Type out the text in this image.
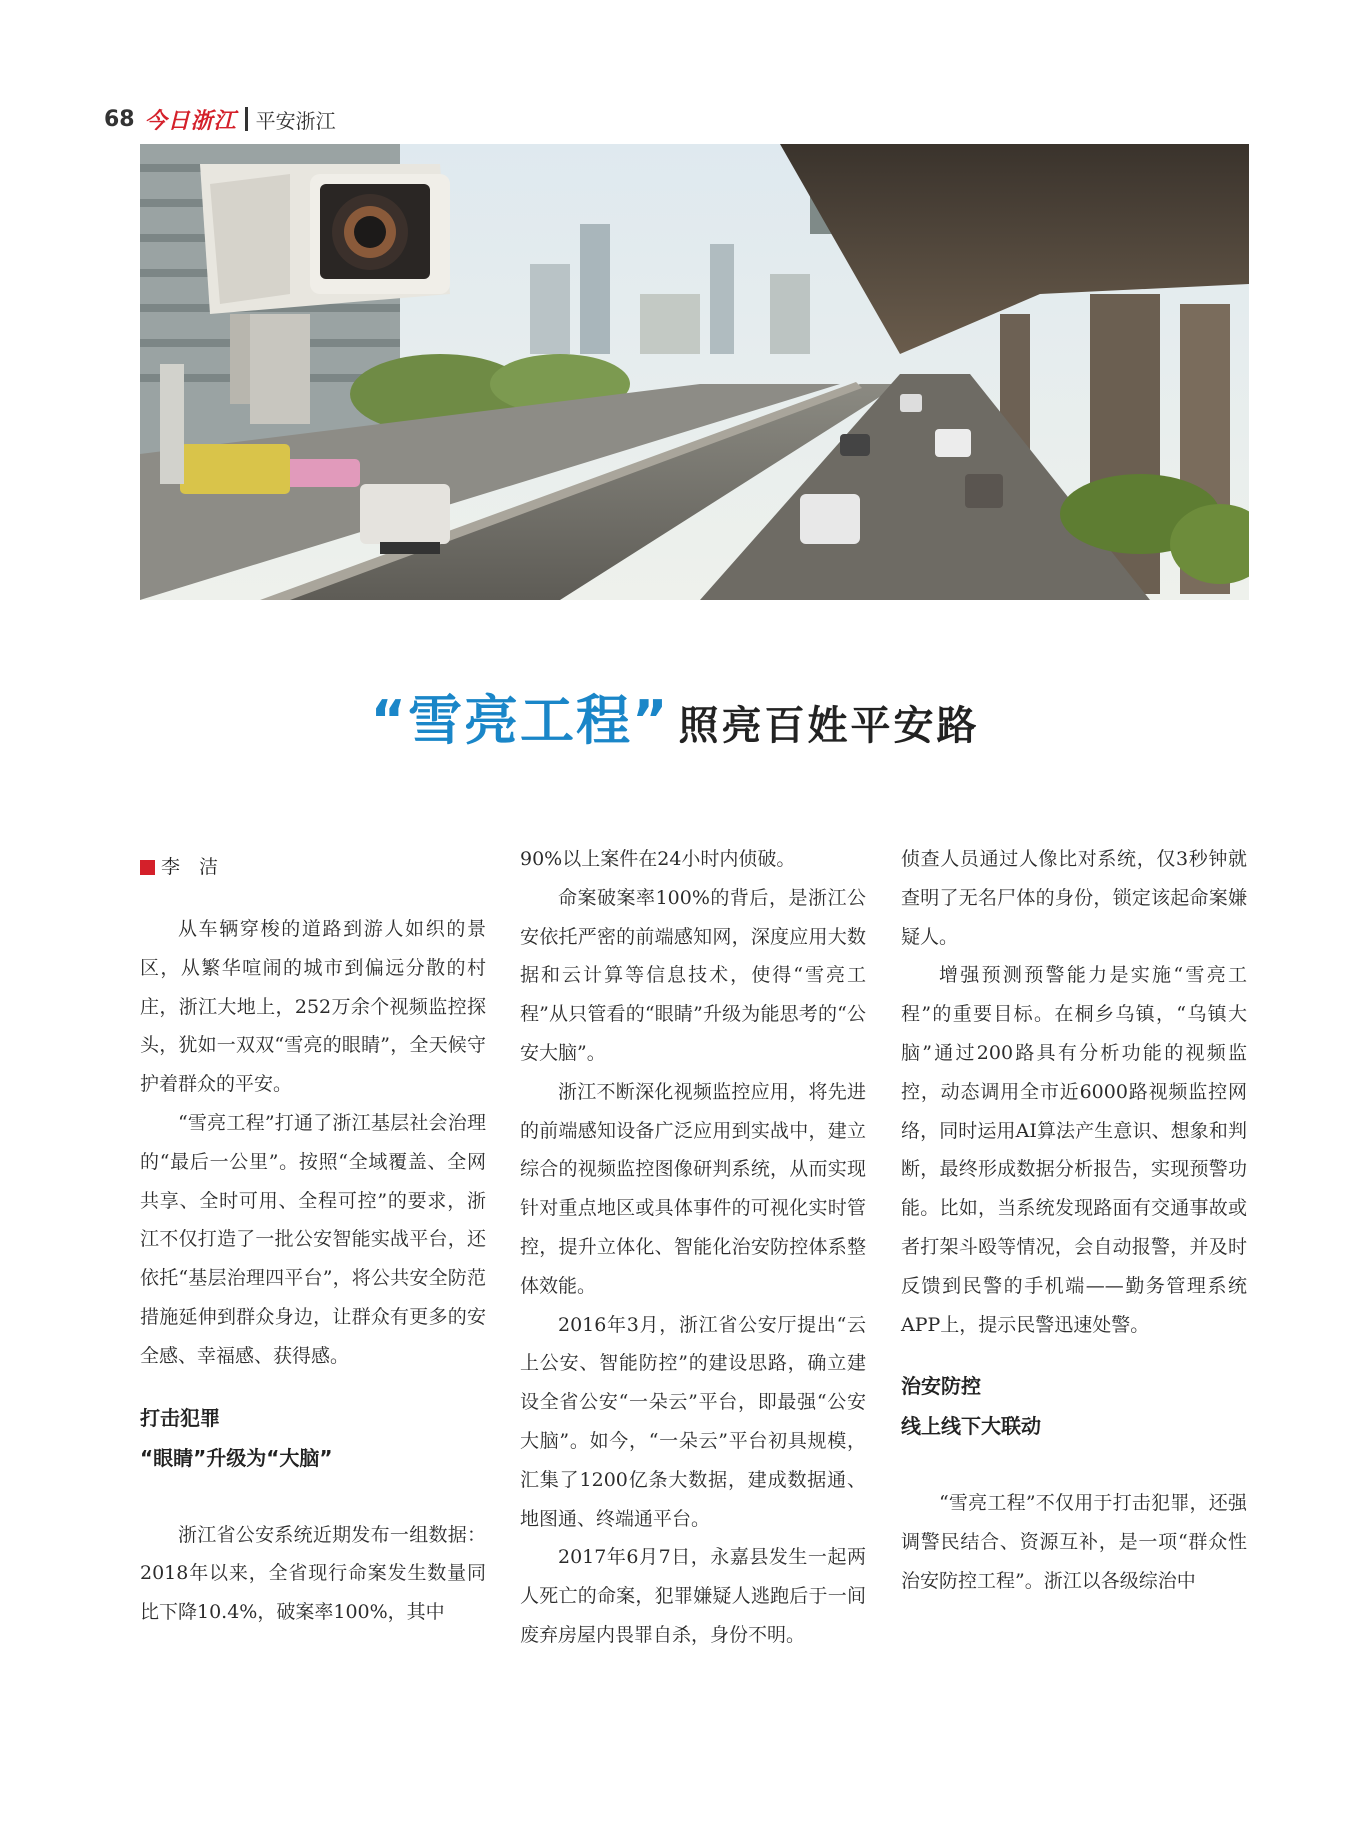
68 今日浙江 平安浙江
“雪亮工程” 照亮百姓平安路
李　洁

从车辆穿梭的道路到游人如织的景区，从繁华喧闹的城市到偏远分散的村庄，浙江大地上，252万余个视频监控探头，犹如一双双“雪亮的眼睛”，全天候守护着群众的平安。

“雪亮工程”打通了浙江基层社会治理的“最后一公里”。按照“全域覆盖、全网共享、全时可用、全程可控”的要求，浙江不仅打造了一批公安智能实战平台，还依托“基层治理四平台”，将公共安全防范措施延伸到群众身边，让群众有更多的安全感、幸福感、获得感。

打击犯罪
“眼睛”升级为“大脑”

浙江省公安系统近期发布一组数据：2018年以来，全省现行命案发生数量同比下降10.4%，破案率100%，其中

90%以上案件在24小时内侦破。

命案破案率100%的背后，是浙江公安依托严密的前端感知网，深度应用大数据和云计算等信息技术，使得“雪亮工程”从只管看的“眼睛”升级为能思考的“公安大脑”。

浙江不断深化视频监控应用，将先进的前端感知设备广泛应用到实战中，建立综合的视频监控图像研判系统，从而实现针对重点地区或具体事件的可视化实时管控，提升立体化、智能化治安防控体系整体效能。

2016年3月，浙江省公安厅提出“云上公安、智能防控”的建设思路，确立建设全省公安“一朵云”平台，即最强“公安大脑”。如今，“一朵云”平台初具规模，汇集了1200亿条大数据，建成数据通、地图通、终端通平台。

2017年6月7日，永嘉县发生一起两人死亡的命案，犯罪嫌疑人逃跑后于一间废弃房屋内畏罪自杀，身份不明。

侦查人员通过人像比对系统，仅3秒钟就查明了无名尸体的身份，锁定该起命案嫌疑人。

增强预测预警能力是实施“雪亮工程”的重要目标。在桐乡乌镇，“乌镇大脑”通过200路具有分析功能的视频监控，动态调用全市近6000路视频监控网络，同时运用AI算法产生意识、想象和判断，最终形成数据分析报告，实现预警功能。比如，当系统发现路面有交通事故或者打架斗殴等情况，会自动报警，并及时反馈到民警的手机端——勤务管理系统APP上，提示民警迅速处警。

治安防控
线上线下大联动

“雪亮工程”不仅用于打击犯罪，还强调警民结合、资源互补，是一项“群众性治安防控工程”。浙江以各级综治中
